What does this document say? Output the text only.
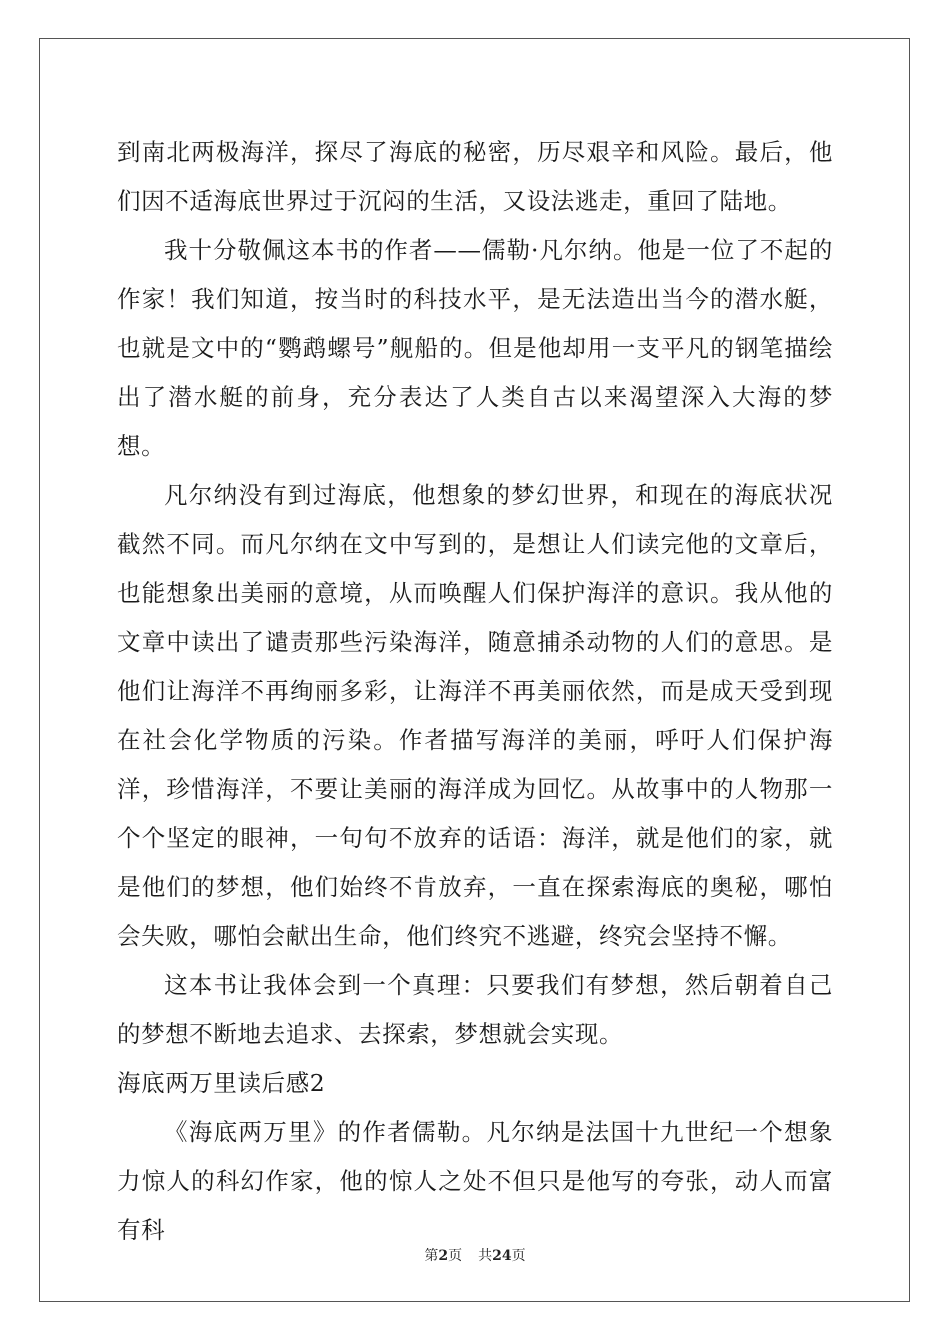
到南北两极海洋，探尽了海底的秘密，历尽艰辛和风险。最后，他们因不适海底世界过于沉闷的生活，又设法逃走，重回了陆地。

我十分敬佩这本书的作者——儒勒·凡尔纳。他是一位了不起的作家！我们知道，按当时的科技水平，是无法造出当今的潜水艇，也就是文中的“鹦鹉螺号”舰船的。但是他却用一支平凡的钢笔描绘出了潜水艇的前身，充分表达了人类自古以来渴望深入大海的梦想。

凡尔纳没有到过海底，他想象的梦幻世界，和现在的海底状况截然不同。而凡尔纳在文中写到的，是想让人们读完他的文章后，也能想象出美丽的意境，从而唤醒人们保护海洋的意识。我从他的文章中读出了谴责那些污染海洋，随意捕杀动物的人们的意思。是他们让海洋不再绚丽多彩，让海洋不再美丽依然，而是成天受到现在社会化学物质的污染。作者描写海洋的美丽，呼吁人们保护海洋，珍惜海洋，不要让美丽的海洋成为回忆。从故事中的人物那一个个坚定的眼神，一句句不放弃的话语：海洋，就是他们的家，就是他们的梦想，他们始终不肯放弃，一直在探索海底的奥秘，哪怕会失败，哪怕会献出生命，他们终究不逃避，终究会坚持不懈。

这本书让我体会到一个真理：只要我们有梦想，然后朝着自己的梦想不断地去追求、去探索，梦想就会实现。

海底两万里读后感2

《海底两万里》的作者儒勒。凡尔纳是法国十九世纪一个想象力惊人的科幻作家，他的惊人之处不但只是他写的夸张，动人而富有科

第2页 共24页
